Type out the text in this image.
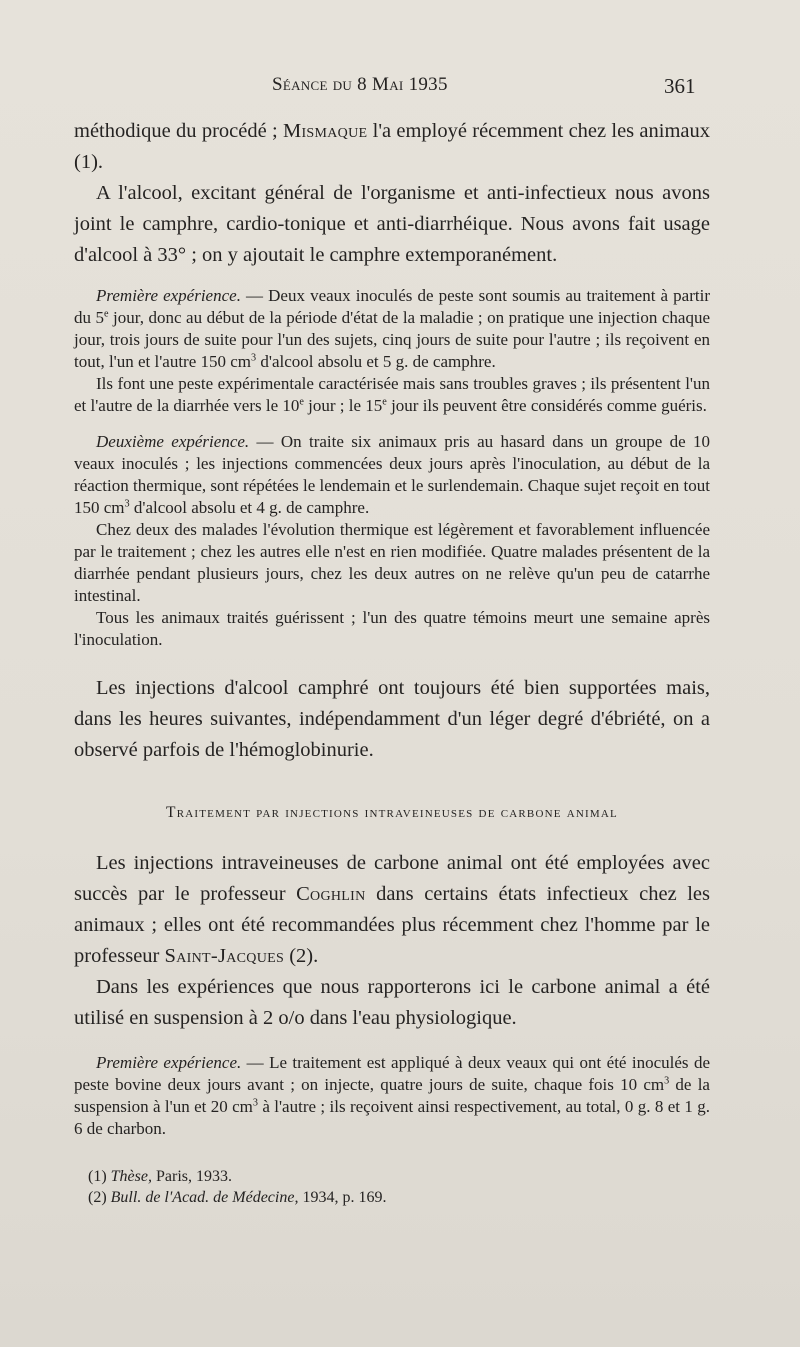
Séance du 8 Mai 1935	361

méthodique du procédé ; Mismaque l'a employé récemment chez les animaux (1).

A l'alcool, excitant général de l'organisme et anti-infectieux nous avons joint le camphre, cardio-tonique et anti-diarrhéique. Nous avons fait usage d'alcool à 33° ; on y ajoutait le camphre extemporanément.

Première expérience. — Deux veaux inoculés de peste sont soumis au traitement à partir du 5e jour, donc au début de la période d'état de la maladie ; on pratique une injection chaque jour, trois jours de suite pour l'un des sujets, cinq jours de suite pour l'autre ; ils reçoivent en tout, l'un et l'autre 150 $cm^3$ d'alcool absolu et 5 g. de camphre.

Ils font une peste expérimentale caractérisée mais sans troubles graves ; ils présentent l'un et l'autre de la diarrhée vers le 10e jour ; le 15e jour ils peuvent être considérés comme guéris.

Deuxième expérience. — On traite six animaux pris au hasard dans un groupe de 10 veaux inoculés ; les injections commencées deux jours après l'inoculation, au début de la réaction thermique, sont répétées le lendemain et le surlendemain. Chaque sujet reçoit en tout 150 $cm^3$ d'alcool absolu et 4 g. de camphre.

Chez deux des malades l'évolution thermique est légèrement et favorablement influencée par le traitement ; chez les autres elle n'est en rien modifiée. Quatre malades présentent de la diarrhée pendant plusieurs jours, chez les deux autres on ne relève qu'un peu de catarrhe intestinal.

Tous les animaux traités guérissent ; l'un des quatre témoins meurt une semaine après l'inoculation.

Les injections d'alcool camphré ont toujours été bien supportées mais, dans les heures suivantes, indépendamment d'un léger degré d'ébriété, on a observé parfois de l'hémoglobinurie.

Traitement par injections intraveineuses de carbone animal

Les injections intraveineuses de carbone animal ont été employées avec succès par le professeur Coghlin dans certains états infectieux chez les animaux ; elles ont été recommandées plus récemment chez l'homme par le professeur Saint-Jacques (2).

Dans les expériences que nous rapporterons ici le carbone animal a été utilisé en suspension à 2 o/o dans l'eau physiologique.

Première expérience. — Le traitement est appliqué à deux veaux qui ont été inoculés de peste bovine deux jours avant ; on injecte, quatre jours de suite, chaque fois 10 $cm^3$ de la suspension à l'un et 20 $cm^3$ à l'autre ; ils reçoivent ainsi respectivement, au total, 0 g. 8 et 1 g. 6 de charbon.

(1) Thèse, Paris, 1933.

(2) Bull. de l'Acad. de Médecine, 1934, p. 169.
